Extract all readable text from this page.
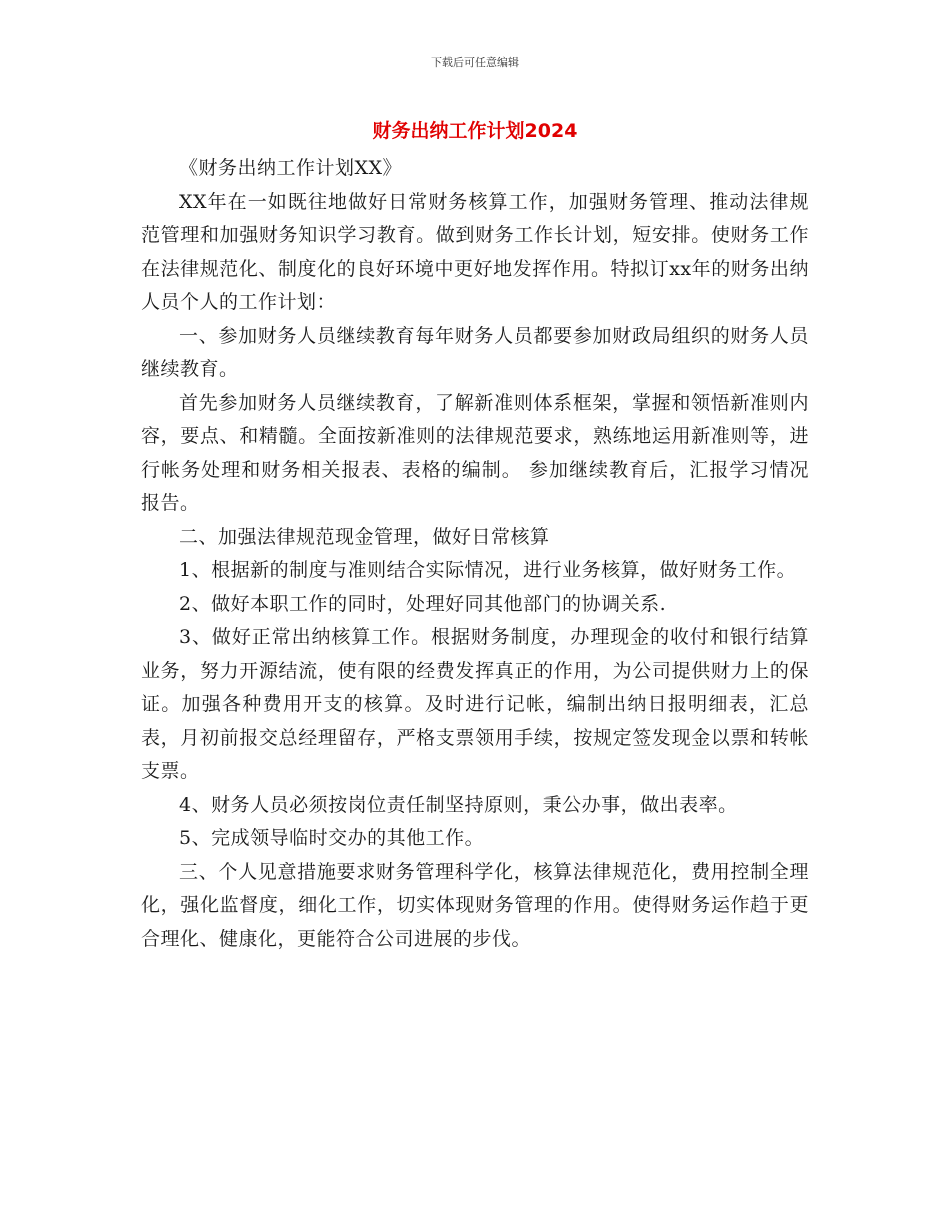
下载后可任意编辑
财务出纳工作计划2024

《财务出纳工作计划XX》

XX年在一如既往地做好日常财务核算工作，加强财务管理、推动法律规范管理和加强财务知识学习教育。做到财务工作长计划，短安排。使财务工作在法律规范化、制度化的良好环境中更好地发挥作用。特拟订xx年的财务出纳人员个人的工作计划：

一、参加财务人员继续教育每年财务人员都要参加财政局组织的财务人员继续教育。

首先参加财务人员继续教育，了解新准则体系框架，掌握和领悟新准则内容，要点、和精髓。全面按新准则的法律规范要求，熟练地运用新准则等，进行帐务处理和财务相关报表、表格的编制。 参加继续教育后，汇报学习情况报告。

二、加强法律规范现金管理，做好日常核算

1、根据新的制度与准则结合实际情况，进行业务核算，做好财务工作。

2、做好本职工作的同时，处理好同其他部门的协调关系.

3、做好正常出纳核算工作。根据财务制度，办理现金的收付和银行结算业务，努力开源结流，使有限的经费发挥真正的作用，为公司提供财力上的保证。加强各种费用开支的核算。及时进行记帐，编制出纳日报明细表，汇总表，月初前报交总经理留存，严格支票领用手续，按规定签发现金以票和转帐支票。

4、财务人员必须按岗位责任制坚持原则，秉公办事，做出表率。

5、完成领导临时交办的其他工作。

三、个人见意措施要求财务管理科学化，核算法律规范化，费用控制全理化，强化监督度，细化工作，切实体现财务管理的作用。使得财务运作趋于更合理化、健康化，更能符合公司进展的步伐。
